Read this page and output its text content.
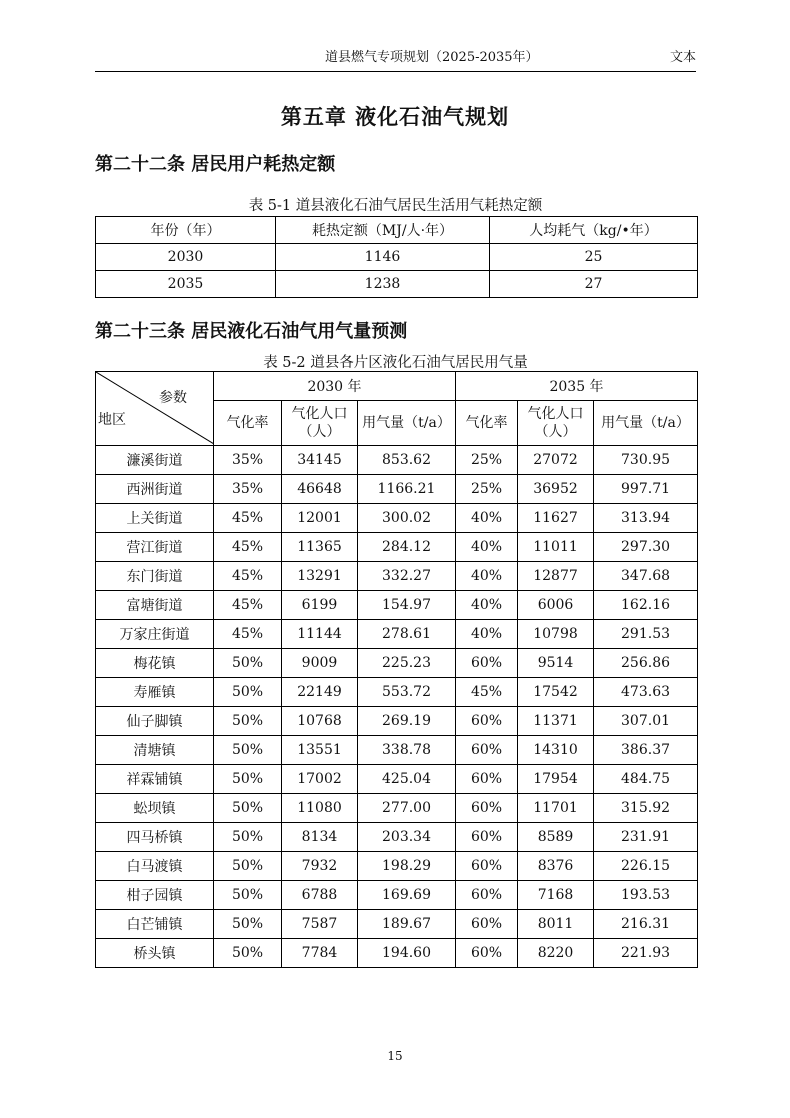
道县燃气专项规划（2025-2035年）	文本
第五章 液化石油气规划
第二十二条 居民用户耗热定额
表 5-1 道县液化石油气居民生活用气耗热定额
年份（年）	耗热定额（MJ/人·年）	人均耗气（kg/•年）
2030	1146	25
2035	1238	27
第二十三条 居民液化石油气用气量预测
表 5-2 道县各片区液化石油气居民用气量
参数
地区	2030 年			2035 年		
	气化率	气化人口（人）	用气量（t/a）	气化率	气化人口（人）	用气量（t/a）
濂溪街道	35%	34145	853.62	25%	27072	730.95
西洲街道	35%	46648	1166.21	25%	36952	997.71
上关街道	45%	12001	300.02	40%	11627	313.94
营江街道	45%	11365	284.12	40%	11011	297.30
东门街道	45%	13291	332.27	40%	12877	347.68
富塘街道	45%	6199	154.97	40%	6006	162.16
万家庄街道	45%	11144	278.61	40%	10798	291.53
梅花镇	50%	9009	225.23	60%	9514	256.86
寿雁镇	50%	22149	553.72	45%	17542	473.63
仙子脚镇	50%	10768	269.19	60%	11371	307.01
清塘镇	50%	13551	338.78	60%	14310	386.37
祥霖铺镇	50%	17002	425.04	60%	17954	484.75
蚣坝镇	50%	11080	277.00	60%	11701	315.92
四马桥镇	50%	8134	203.34	60%	8589	231.91
白马渡镇	50%	7932	198.29	60%	8376	226.15
柑子园镇	50%	6788	169.69	60%	7168	193.53
白芒铺镇	50%	7587	189.67	60%	8011	216.31
桥头镇	50%	7784	194.60	60%	8220	221.93
15
